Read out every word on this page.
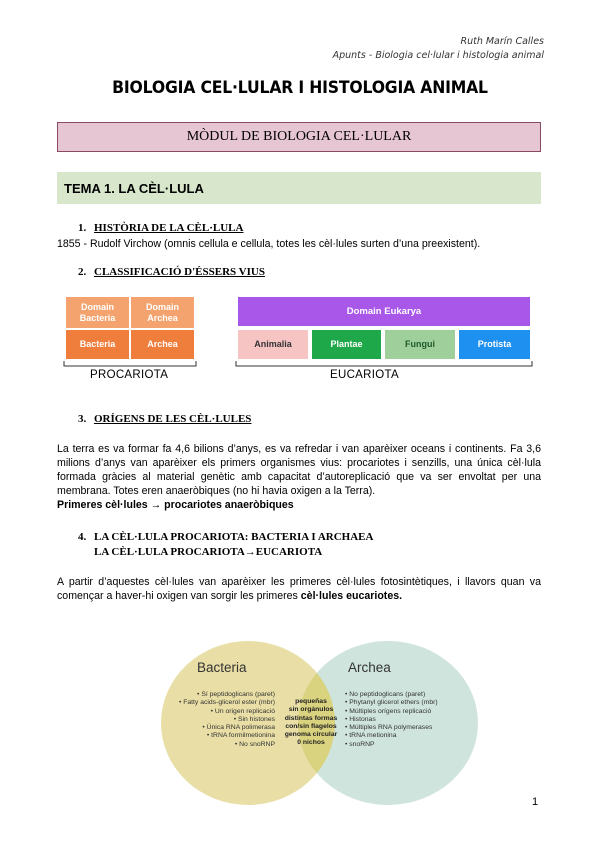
Ruth Marín Calles
Apunts - Biologia cel·lular i histologia animal
BIOLOGIA CEL·LULAR I HISTOLOGIA ANIMAL
MÒDUL DE BIOLOGIA CEL·LULAR
TEMA 1. LA CÈL·LULA
1. HISTÒRIA DE LA CÈL·LULA
1855 - Rudolf Virchow (omnis cellula e cellula, totes les cèl·lules surten d’una preexistent).
2. CLASSIFICACIÓ D'ÉSSERS VIUS
Domain Bacteria
Domain Archea
Bacteria	Archea
Domain Eukarya
Animalia	Plantae	Fungui	Protista
PROCARIOTA	EUCARIOTA
3. ORÍGENS DE LES CÈL·LULES
La terra es va formar fa 4,6 bilions d’anys, es va refredar i van aparèixer oceans i continents. Fa 3,6 milions d’anys van aparèixer els primers organismes vius: procariotes i senzills, una única cèl·lula formada gràcies al material genètic amb capacitat d’autoreplicació que va ser envoltat per una membrana. Totes eren anaeròbiques (no hi havia oxigen a la Terra).
Primeres cèl·lules → procariotes anaeròbiques
4. LA CÈL·LULA PROCARIOTA: BACTERIA I ARCHAEA
LA CÈL·LULA PROCARIOTA→EUCARIOTA
A partir d’aquestes cèl·lules van aparèixer les primeres cèl·lules fotosintètiques, i llavors quan va començar a haver-hi oxigen van sorgir les primeres cèl·lules eucariotes.
Bacteria	Archea
• Sí peptidoglicans (paret)
• Fatty acids-glicerol ester (mbr)
• Un origen replicació
• Sin histones
• Única RNA polimerasa
• tRNA formilmetionina
• No snoRNP
pequeñas
sin orgánulos
distintas formas
con/sin flagelos
genoma circular
0 nichos
• No peptidoglicans (paret)
• Phytanyl glicerol ethers (mbr)
• Múltiples orígens replicació
• Histonas
• Múltiples RNA polymerases
• tRNA metionina
• snoRNP
1
